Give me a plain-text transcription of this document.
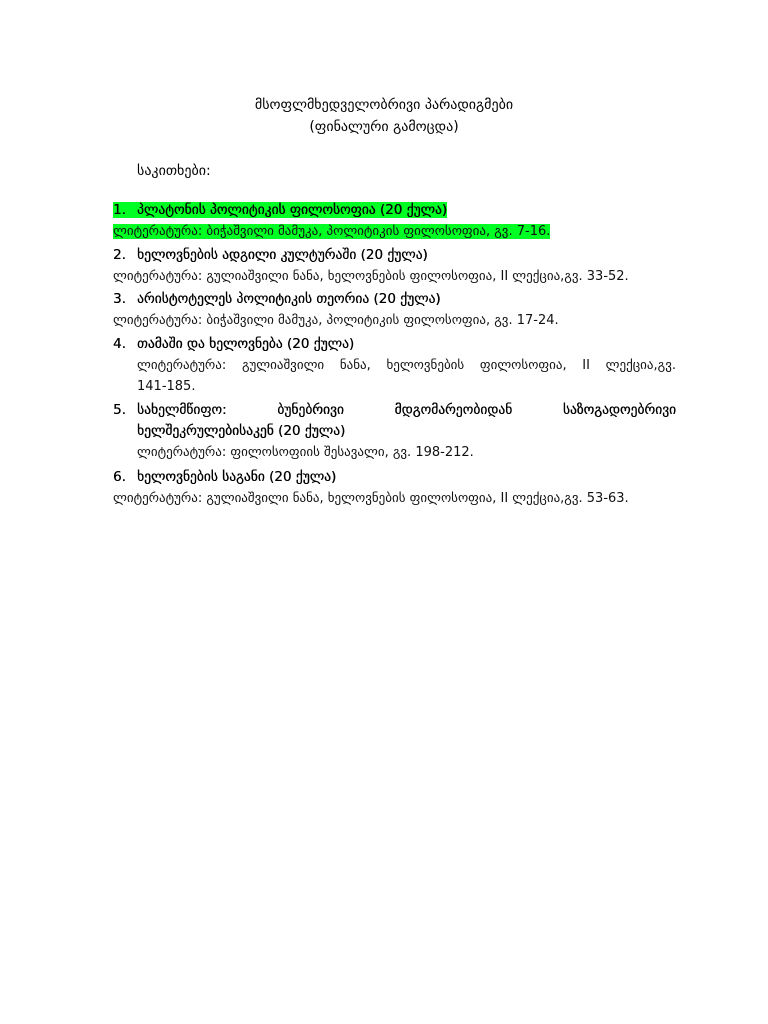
მსოფლმხედველობრივი პარადიგმები
(ფინალური გამოცდა)
საკითხები:
1. პლატონის პოლიტიკის ფილოსოფია (20 ქულა)
ლიტერატურა: ბიჭაშვილი მამუკა, პოლიტიკის ფილოსოფია, გვ. 7-16.
2. ხელოვნების ადგილი კულტურაში (20 ქულა)
ლიტერატურა: გულიაშვილი ნანა, ხელოვნების ფილოსოფია, II ლექცია,გვ. 33-52.
3. არისტოტელეს პოლიტიკის თეორია (20 ქულა)
ლიტერატურა: ბიჭაშვილი მამუკა, პოლიტიკის ფილოსოფია, გვ. 17-24.
4. თამაში და ხელოვნება (20 ქულა)
ლიტერატურა: გულიაშვილი ნანა, ხელოვნების ფილოსოფია, II ლექცია,გვ.
141-185.
5. სახელმწიფო:	ბუნებრივი	მდგომარეობიდან	საზოგადოებრივი
ხელშეკრულებისაკენ (20 ქულა)
ლიტერატურა: ფილოსოფიის შესავალი, გვ. 198-212.
6. ხელოვნების საგანი (20 ქულა)
ლიტერატურა: გულიაშვილი ნანა, ხელოვნების ფილოსოფია, II ლექცია,გვ. 53-63.
